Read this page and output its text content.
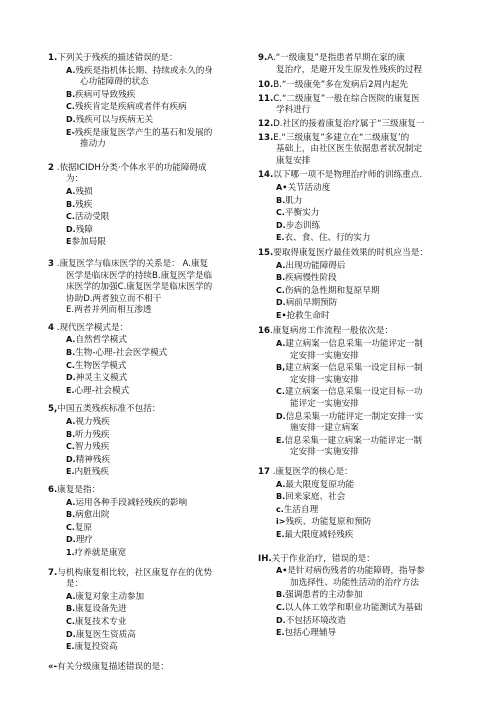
1.下列关于残疾的描述错误的是：
A.残疾是指机体长期、持续或永久的身
心功能障碍的状态
B.疾病可导致残疾
C.残疾肯定是疾病或者伴有疾病
D.残疾可以与疾病无关
E-残疾是康复医学产生的基石和发展的
推动力
2 .依据ICIDH分类·个体水平的功能障碍成
为：
A.残损
B.残疾
C.活动受限
D.残障
E参加局限
3 .康复医学与临床医学的关系是： A.康复
医学是临床医学的持续B.康复医学是临
床医学的加强C.康复医学是临床医学的
协助D.两者独立而不相干
E.两者并列而相互渗透
4 .现代医学模式是：
A.自然哲学模式
B.生物-心理-社会医学模式
C.生物医学模式
D.神灵主义模式
E.心理-社会模式
5,中国五类残疾标准不包括：
A.视力残疾
B.听力残疾
C.智力残疾
D.精神残疾
E.内脏残疾
6.康复是指：
A.运用各种手段减轻残疾的影响
B.病愈出院
C.复原
D.理疗
1.疗养就是康宽
7.与机构康复相比较，社区康复存在的优势
是：
A.康复对象主动参加
B.康复设备先进
C.康复技术专业
D.康复医生资质高
E.康复投资高
«-有关分级康复描述错误的是：
9.A.“一级康复”是指患者早期在家的康
复治疗，是避开发生原发性残疾的过程
10.B.“一级康免”多在发病后2周内起先
11.C.“二级康复”一般在综合医院的康复医
学科进行
12.D.社区的接着康复治疗属于“三级康复一
13.E.“三级康复”多建立在“二级康复’的
基础上，由社区医生依据患者状况制定
康复安排
14.以下哪一项不是物理治疗师的训练重点.
A•关节活动度
B.肌力
C.平衡实力
D.步态训练
E.衣、食、住、行的实力
15.要取得康复医疗最佳效果的时机应当是：
A.出现功能障碍后
B.疾病慢性阶段
C.伤病的急性期和复原早期
D.病前早期预防
E•抢救生命时
16.康复病房工作流程一般依次是：
A.建立病案一信息采集一功能评定一制
定安排一实施安排
B,建立病案一信息采集一设定目标一制
定安排一实施安排
C.建立病案一信息采集一设定目标一功
能评定一实施安排
D.信息采集一功能评定一制定安排一实
施安排一建立病案
E.信息采集一建立病案一功能评定一制
定安排一实施安排
17 .康复医学的核心是：
A.最大限度复原功能
B.回来家庭、社会
c.生活自理
i>残疾、功能复原和预防
E.最大限度减轻残疾
IH.关于作业治疗，错误的是：
A•是针对病伤残者的功能障碍，指导参
加选择性、功能性活动的治疗方法
B.强调患者的主动参加
C.以人体工效学和职业功能测试为基础
D.不包括环境改造
E.包括心理辅导
